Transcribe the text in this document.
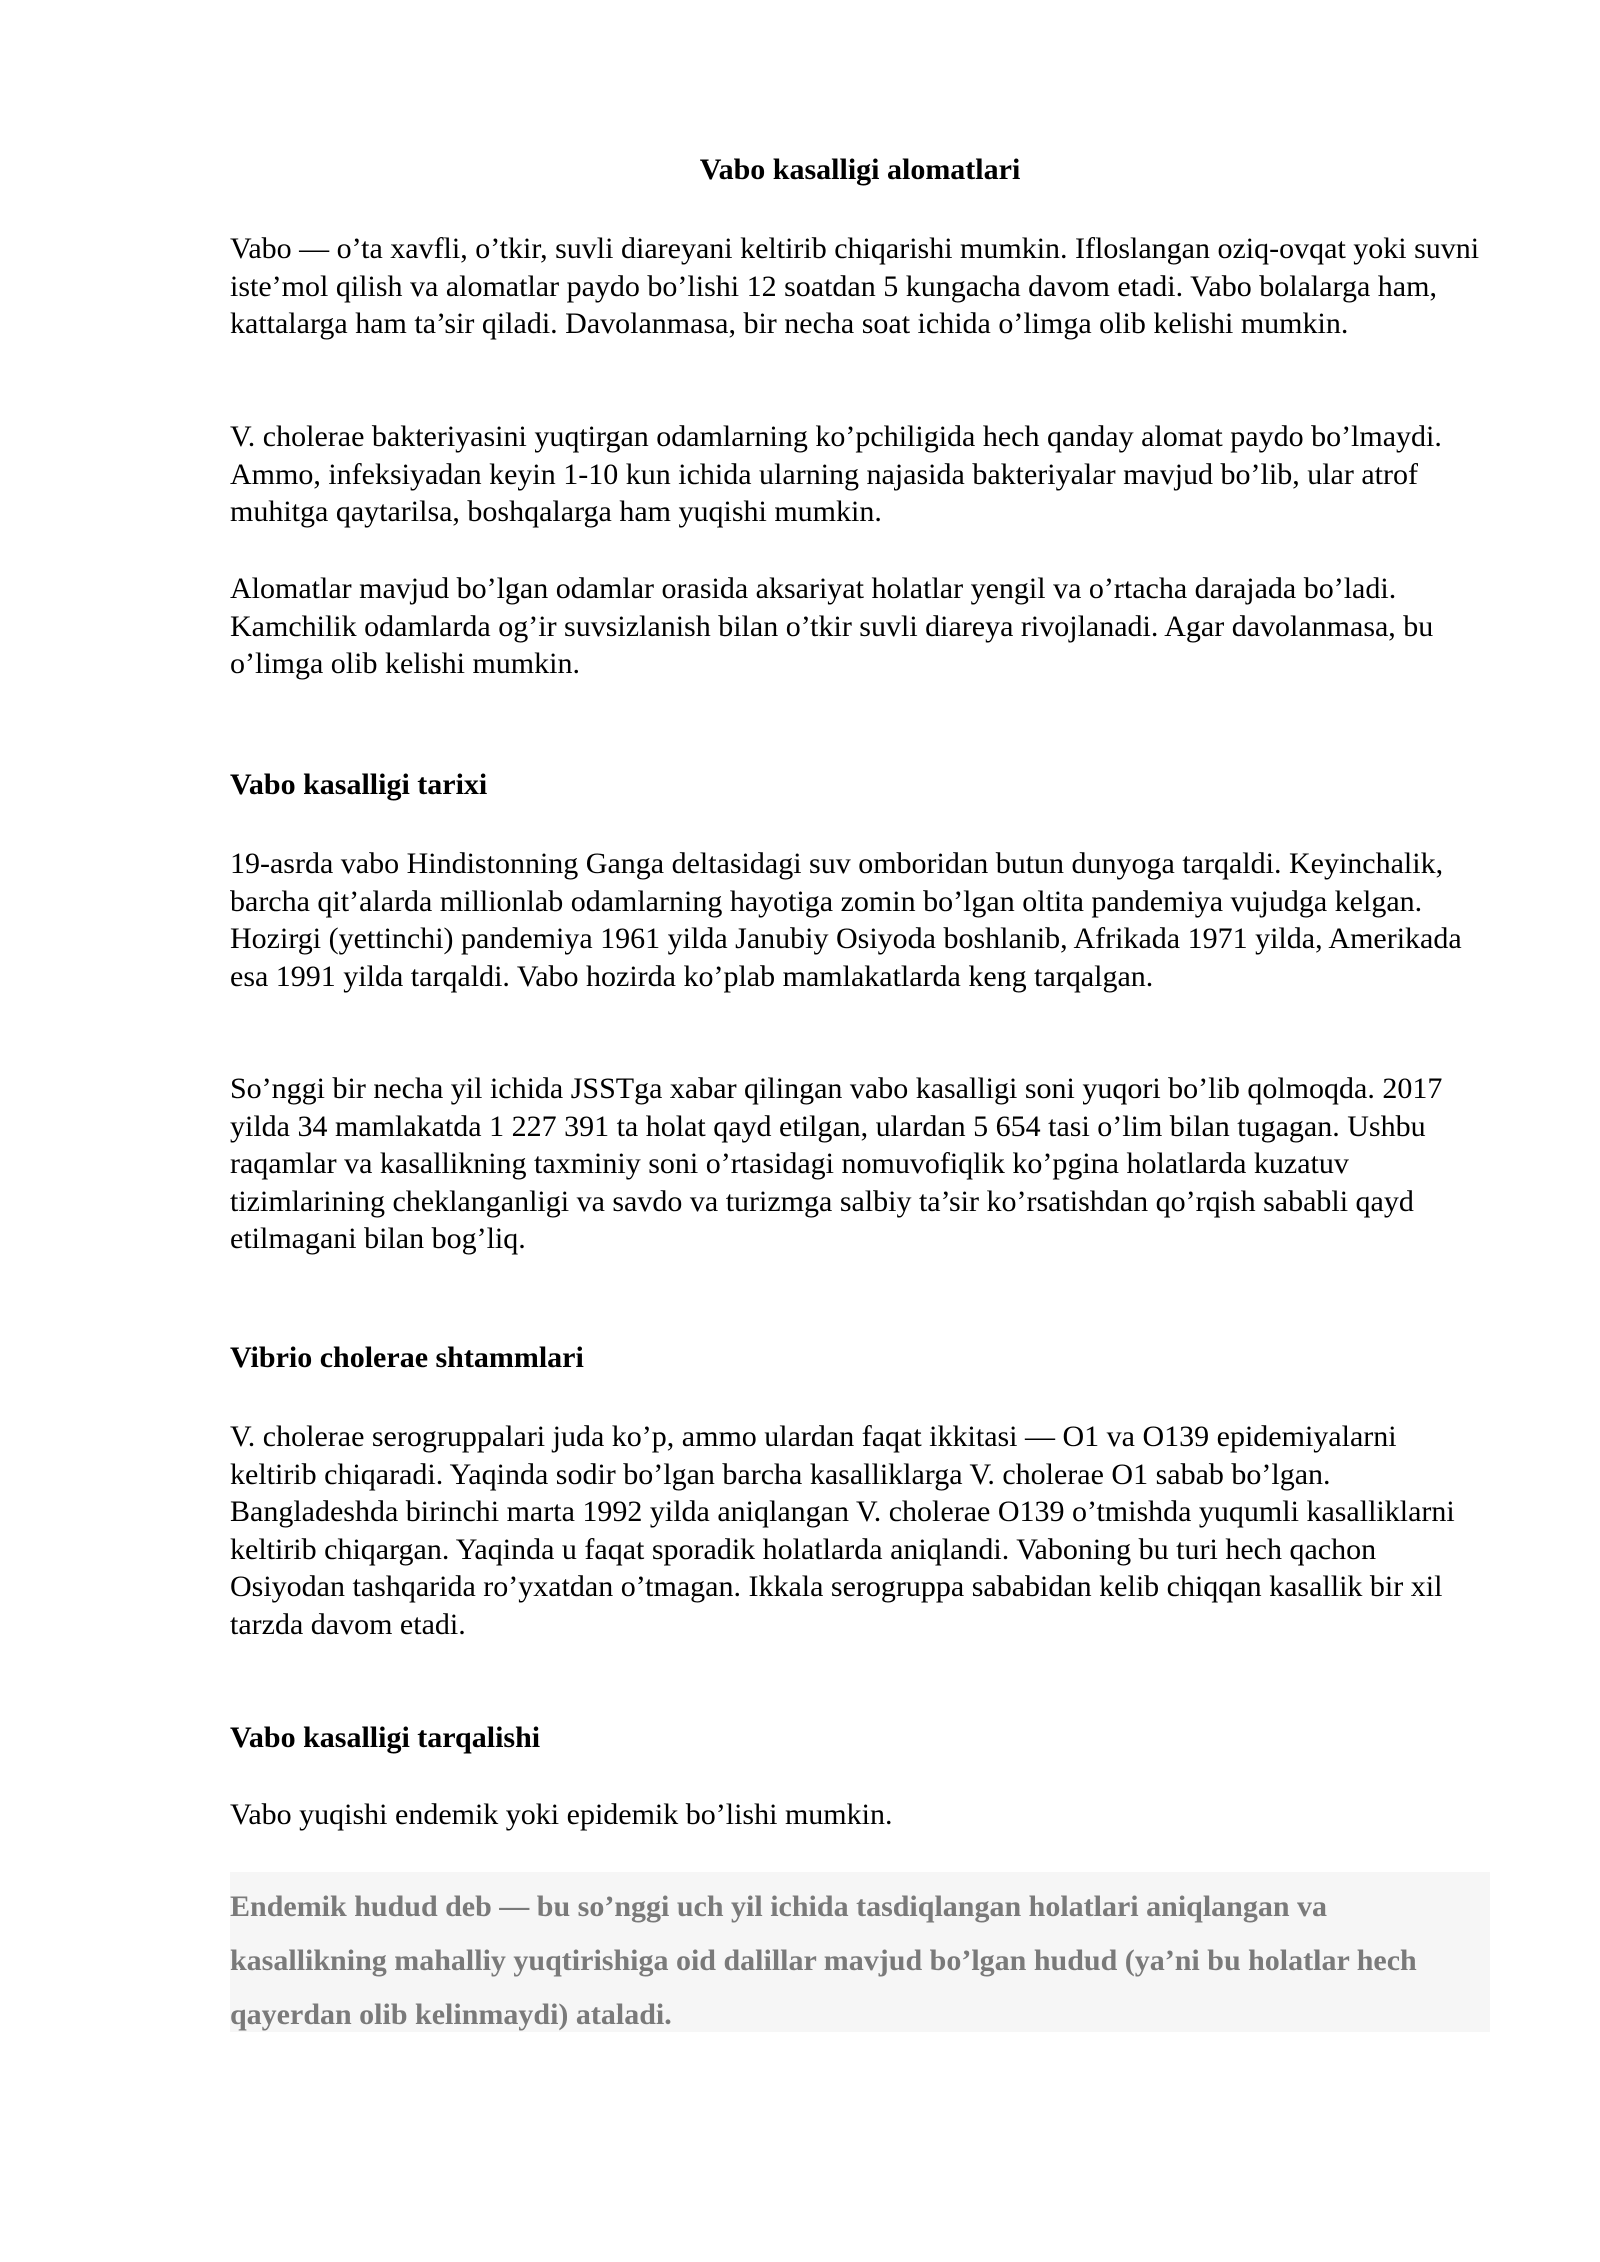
Vabo kasalligi alomatlari

Vabo — o’ta xavfli, o’tkir, suvli diareyani keltirib chiqarishi mumkin. Ifloslangan oziq-ovqat yoki suvni iste’mol qilish va alomatlar paydo bo’lishi 12 soatdan 5 kungacha davom etadi. Vabo bolalarga ham, kattalarga ham ta’sir qiladi. Davolanmasa, bir necha soat ichida o’limga olib kelishi mumkin.

V. cholerae bakteriyasini yuqtirgan odamlarning ko’pchiligida hech qanday alomat paydo bo’lmaydi. Ammo, infeksiyadan keyin 1-10 kun ichida ularning najasida bakteriyalar mavjud bo’lib, ular atrof muhitga qaytarilsa, boshqalarga ham yuqishi mumkin.

Alomatlar mavjud bo’lgan odamlar orasida aksariyat holatlar yengil va o’rtacha darajada bo’ladi. Kamchilik odamlarda og’ir suvsizlanish bilan o’tkir suvli diareya rivojlanadi. Agar davolanmasa, bu o’limga olib kelishi mumkin.

Vabo kasalligi tarixi

19-asrda vabo Hindistonning Ganga deltasidagi suv omboridan butun dunyoga tarqaldi. Keyinchalik, barcha qit’alarda millionlab odamlarning hayotiga zomin bo’lgan oltita pandemiya vujudga kelgan. Hozirgi (yettinchi) pandemiya 1961 yilda Janubiy Osiyoda boshlanib, Afrikada 1971 yilda, Amerikada esa 1991 yilda tarqaldi. Vabo hozirda ko’plab mamlakatlarda keng tarqalgan.

So’nggi bir necha yil ichida JSSTga xabar qilingan vabo kasalligi soni yuqori bo’lib qolmoqda. 2017 yilda 34 mamlakatda 1 227 391 ta holat qayd etilgan, ulardan 5 654 tasi o’lim bilan tugagan. Ushbu raqamlar va kasallikning taxminiy soni o’rtasidagi nomuvofiqlik ko’pgina holatlarda kuzatuv tizimlarining cheklanganligi va savdo va turizmga salbiy ta’sir ko’rsatishdan qo’rqish sababli qayd etilmagani bilan bog’liq.

Vibrio cholerae shtammlari

V. cholerae serogruppalari juda ko’p, ammo ulardan faqat ikkitasi — O1 va O139 epidemiyalarni keltirib chiqaradi. Yaqinda sodir bo’lgan barcha kasalliklarga V. cholerae O1 sabab bo’lgan. Bangladeshda birinchi marta 1992 yilda aniqlangan V. cholerae O139 o’tmishda yuqumli kasalliklarni keltirib chiqargan. Yaqinda u faqat sporadik holatlarda aniqlandi. Vaboning bu turi hech qachon Osiyodan tashqarida ro’yxatdan o’tmagan. Ikkala serogruppa sababidan kelib chiqqan kasallik bir xil tarzda davom etadi.

Vabo kasalligi tarqalishi

Vabo yuqishi endemik yoki epidemik bo’lishi mumkin.

Endemik hudud deb — bu so’nggi uch yil ichida tasdiqlangan holatlari aniqlangan va kasallikning mahalliy yuqtirishiga oid dalillar mavjud bo’lgan hudud (ya’ni bu holatlar hech qayerdan olib kelinmaydi) ataladi.
